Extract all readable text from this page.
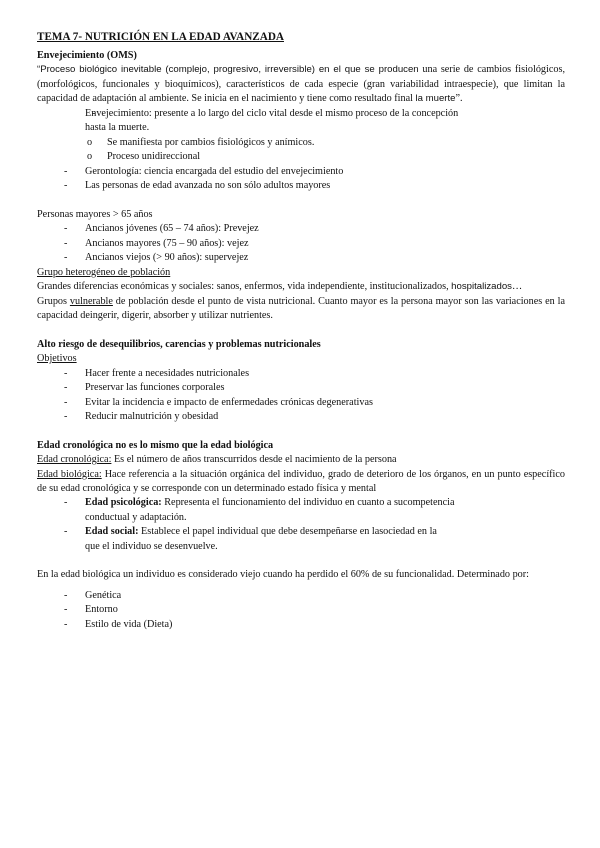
TEMA 7- NUTRICIÓN EN LA EDAD AVANZADA
Envejecimiento (OMS)

“Proceso biológico inevitable (complejo, progresivo, irreversible) en el que se producen una serie de cambios fisiológicos, (morfológicos, funcionales y bioquímicos), característicos de cada especie (gran variabilidad intraespecie), que limitan la capacidad de adaptación al ambiente. Se inicia en el nacimiento y tiene como resultado final la muerte”.

- Envejecimiento: presente a lo largo del ciclo vital desde el mismo proceso de la concepción
hasta la muerte.
o Se manifiesta por cambios fisiológicos y anímicos.
o Proceso unidireccional
- Gerontología: ciencia encargada del estudio del envejecimiento
- Las personas de edad avanzada no son sólo adultos mayores

Personas mayores > 65 años

- Ancianos jóvenes (65 – 74 años): Prevejez
- Ancianos mayores (75 – 90 años): vejez
- Ancianos viejos (> 90 años): supervejez
Grupo heterogéneo de población

Grandes diferencias económicas y sociales: sanos, enfermos, vida independiente, institucionalizados, hospitalizados…

Grupos vulnerable de población desde el punto de vista nutricional. Cuanto mayor es la persona mayor son las variaciones en la capacidad deingerir, digerir, absorber y utilizar nutrientes.

Alto riesgo de desequilibrios, carencias y problemas nutricionales
Objetivos
- Hacer frente a necesidades nutricionales
- Preservar las funciones corporales
- Evitar la incidencia e impacto de enfermedades crónicas degenerativas
- Reducir malnutrición y obesidad
Edad cronológica no es lo mismo que la edad biológica

Edad cronológica: Es el número de años transcurridos desde el nacimiento de la persona

Edad biológica: Hace referencia a la situación orgánica del individuo, grado de deterioro de los órganos, en un punto específico de su edad cronológica y se corresponde con un determinado estado física y mental

- Edad psicológica: Representa el funcionamiento del individuo en cuanto a sucompetencia
conductual y adaptación.
- Edad social: Establece el papel individual que debe desempeñarse en lasociedad en la
que el individuo se desenvuelve.

En la edad biológica un individuo es considerado viejo cuando ha perdido el 60% de su funcionalidad. Determinado por:

- Genética
- Entorno
- Estilo de vida (Dieta)
